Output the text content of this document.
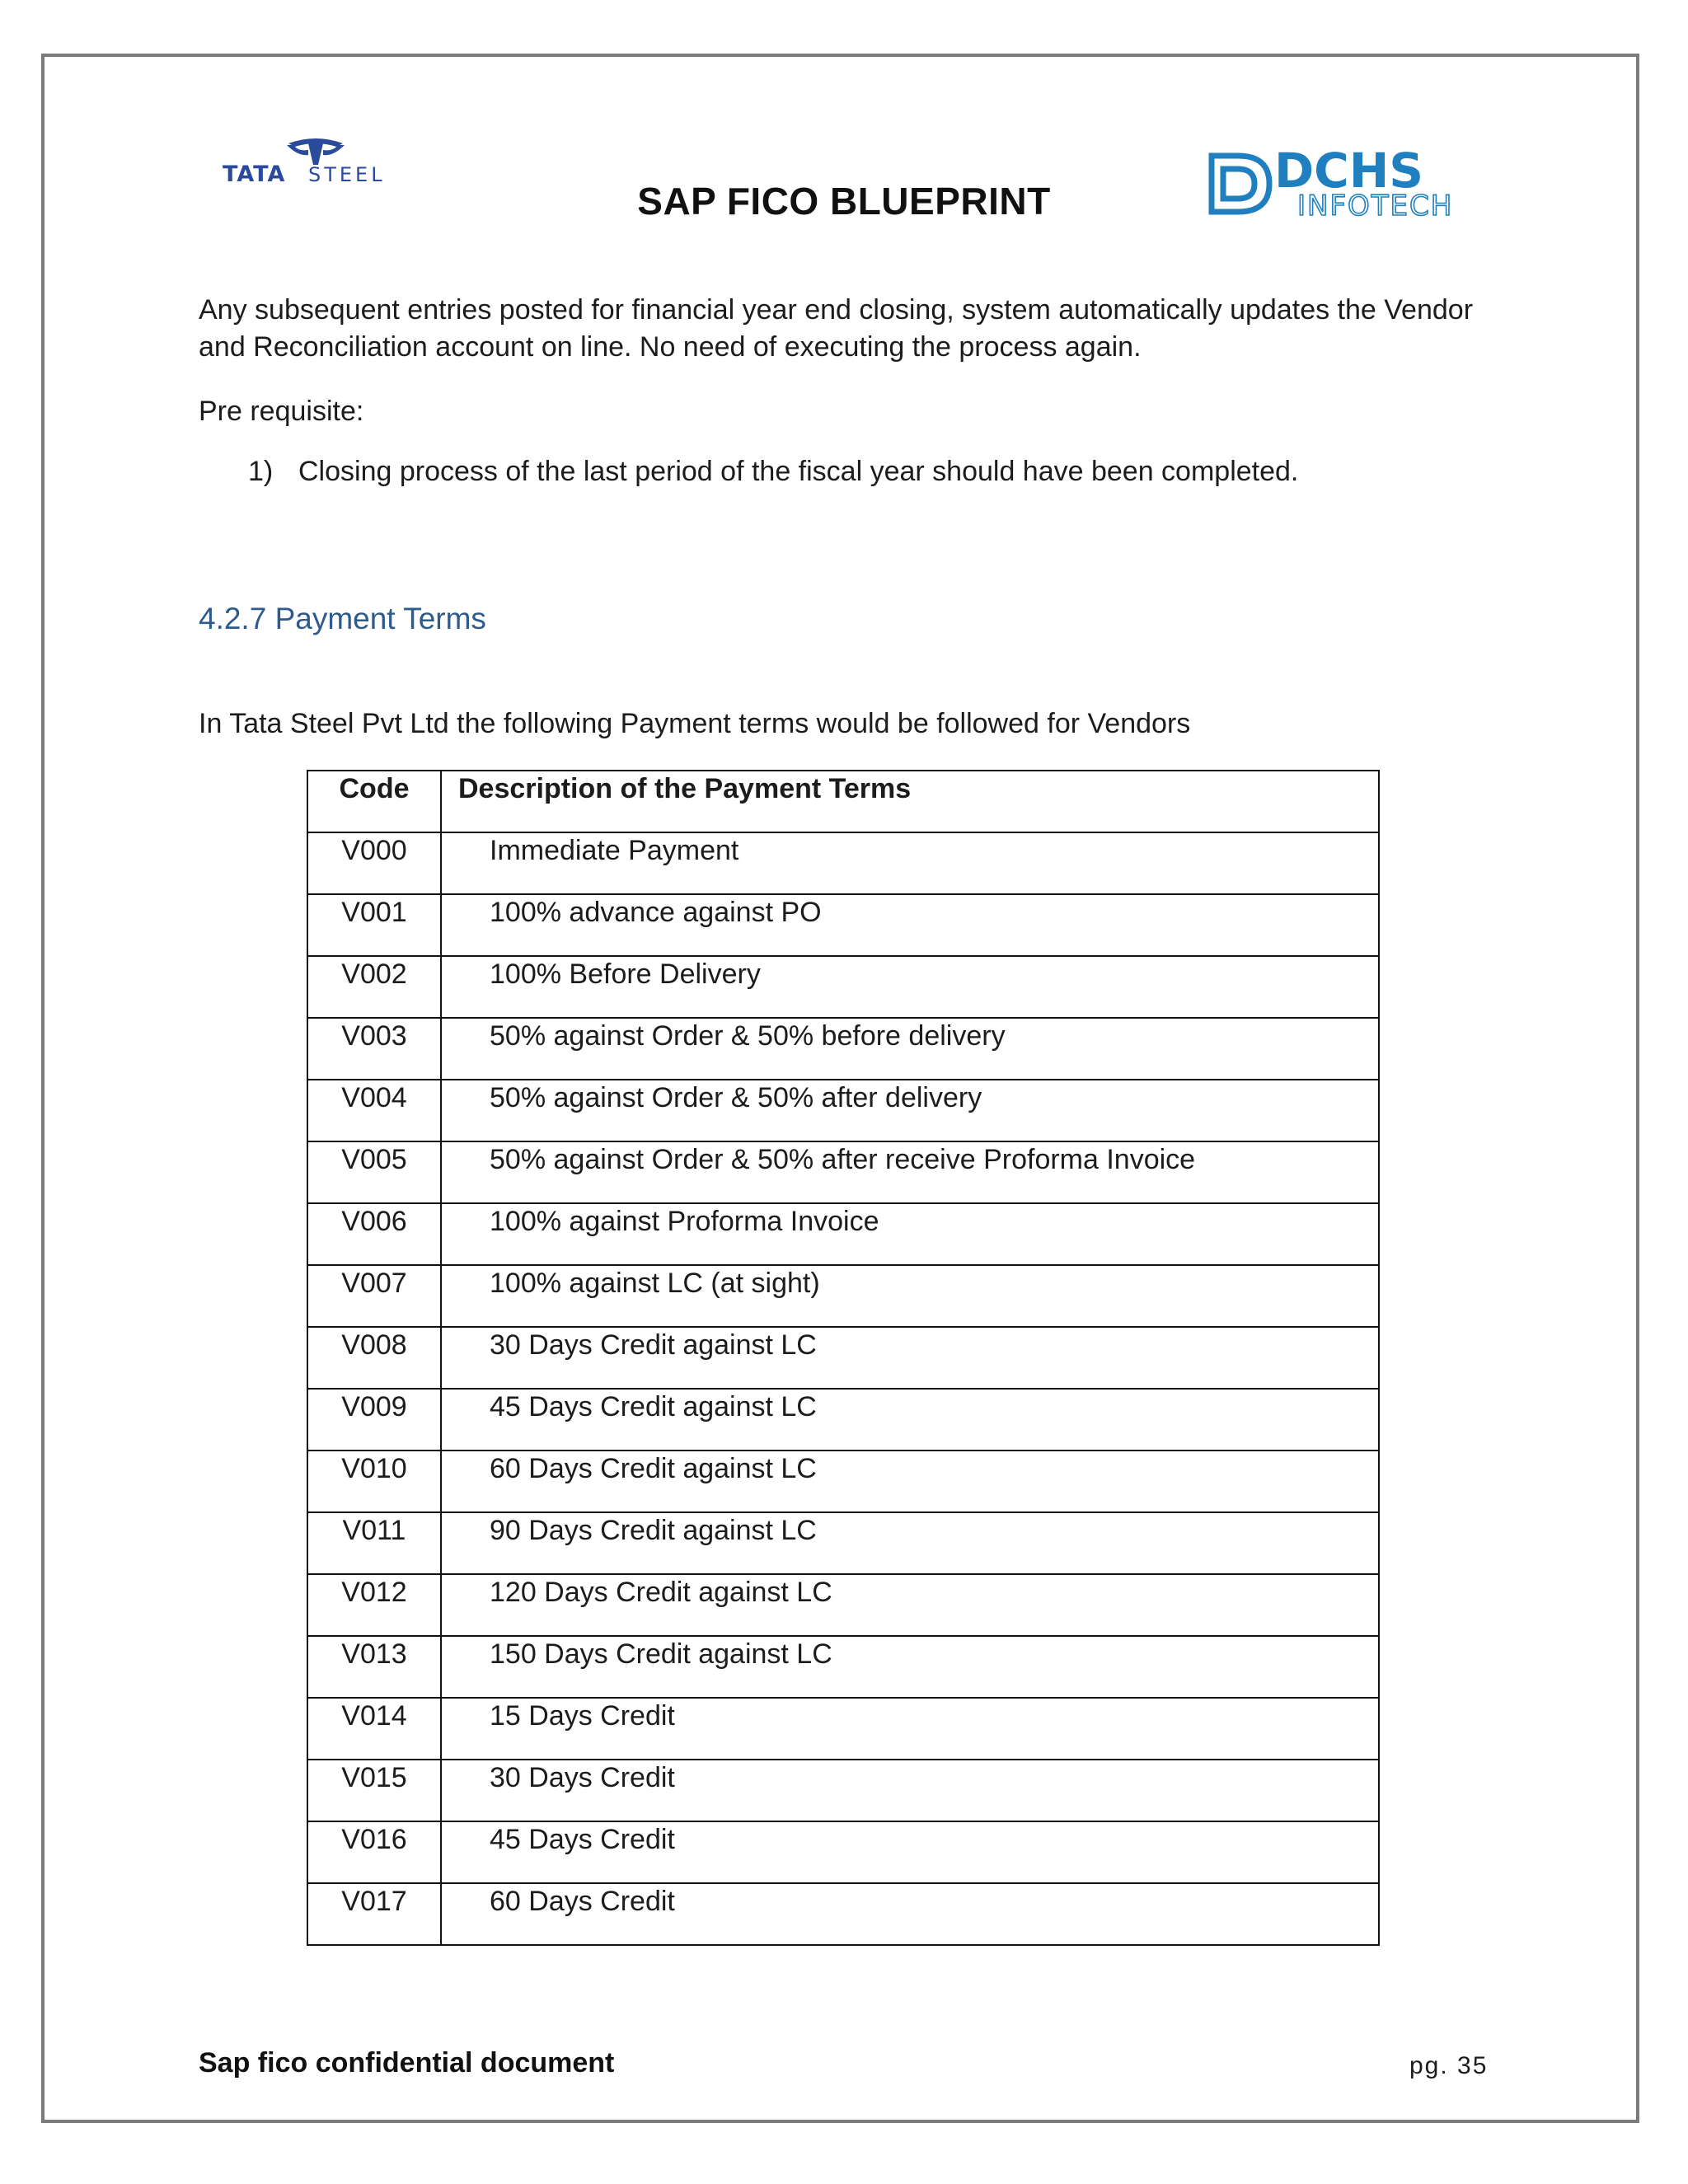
TATA STEEL	DCHS
INFOTECH
SAP FICO BLUEPRINT
Any subsequent entries posted for financial year end closing, system automatically updates the Vendor
and Reconciliation account on line. No need of executing the process again.
Pre requisite:
1) Closing process of the last period of the fiscal year should have been completed.
4.2.7 Payment Terms
In Tata Steel Pvt Ltd the following Payment terms would be followed for Vendors
Code	Description of the Payment Terms
V000	Immediate Payment
V001	100% advance against PO
V002	100% Before Delivery
V003	50% against Order & 50% before delivery
V004	50% against Order & 50% after delivery
V005	50% against Order & 50% after receive Proforma Invoice
V006	100% against Proforma Invoice
V007	100% against LC (at sight)
V008	30 Days Credit against LC
V009	45 Days Credit against LC
V010	60 Days Credit against LC
V011	90 Days Credit against LC
V012	120 Days Credit against LC
V013	150 Days Credit against LC
V014	15 Days Credit
V015	30 Days Credit
V016	45 Days Credit
V017	60 Days Credit
Sap fico confidential document	pg. 35
